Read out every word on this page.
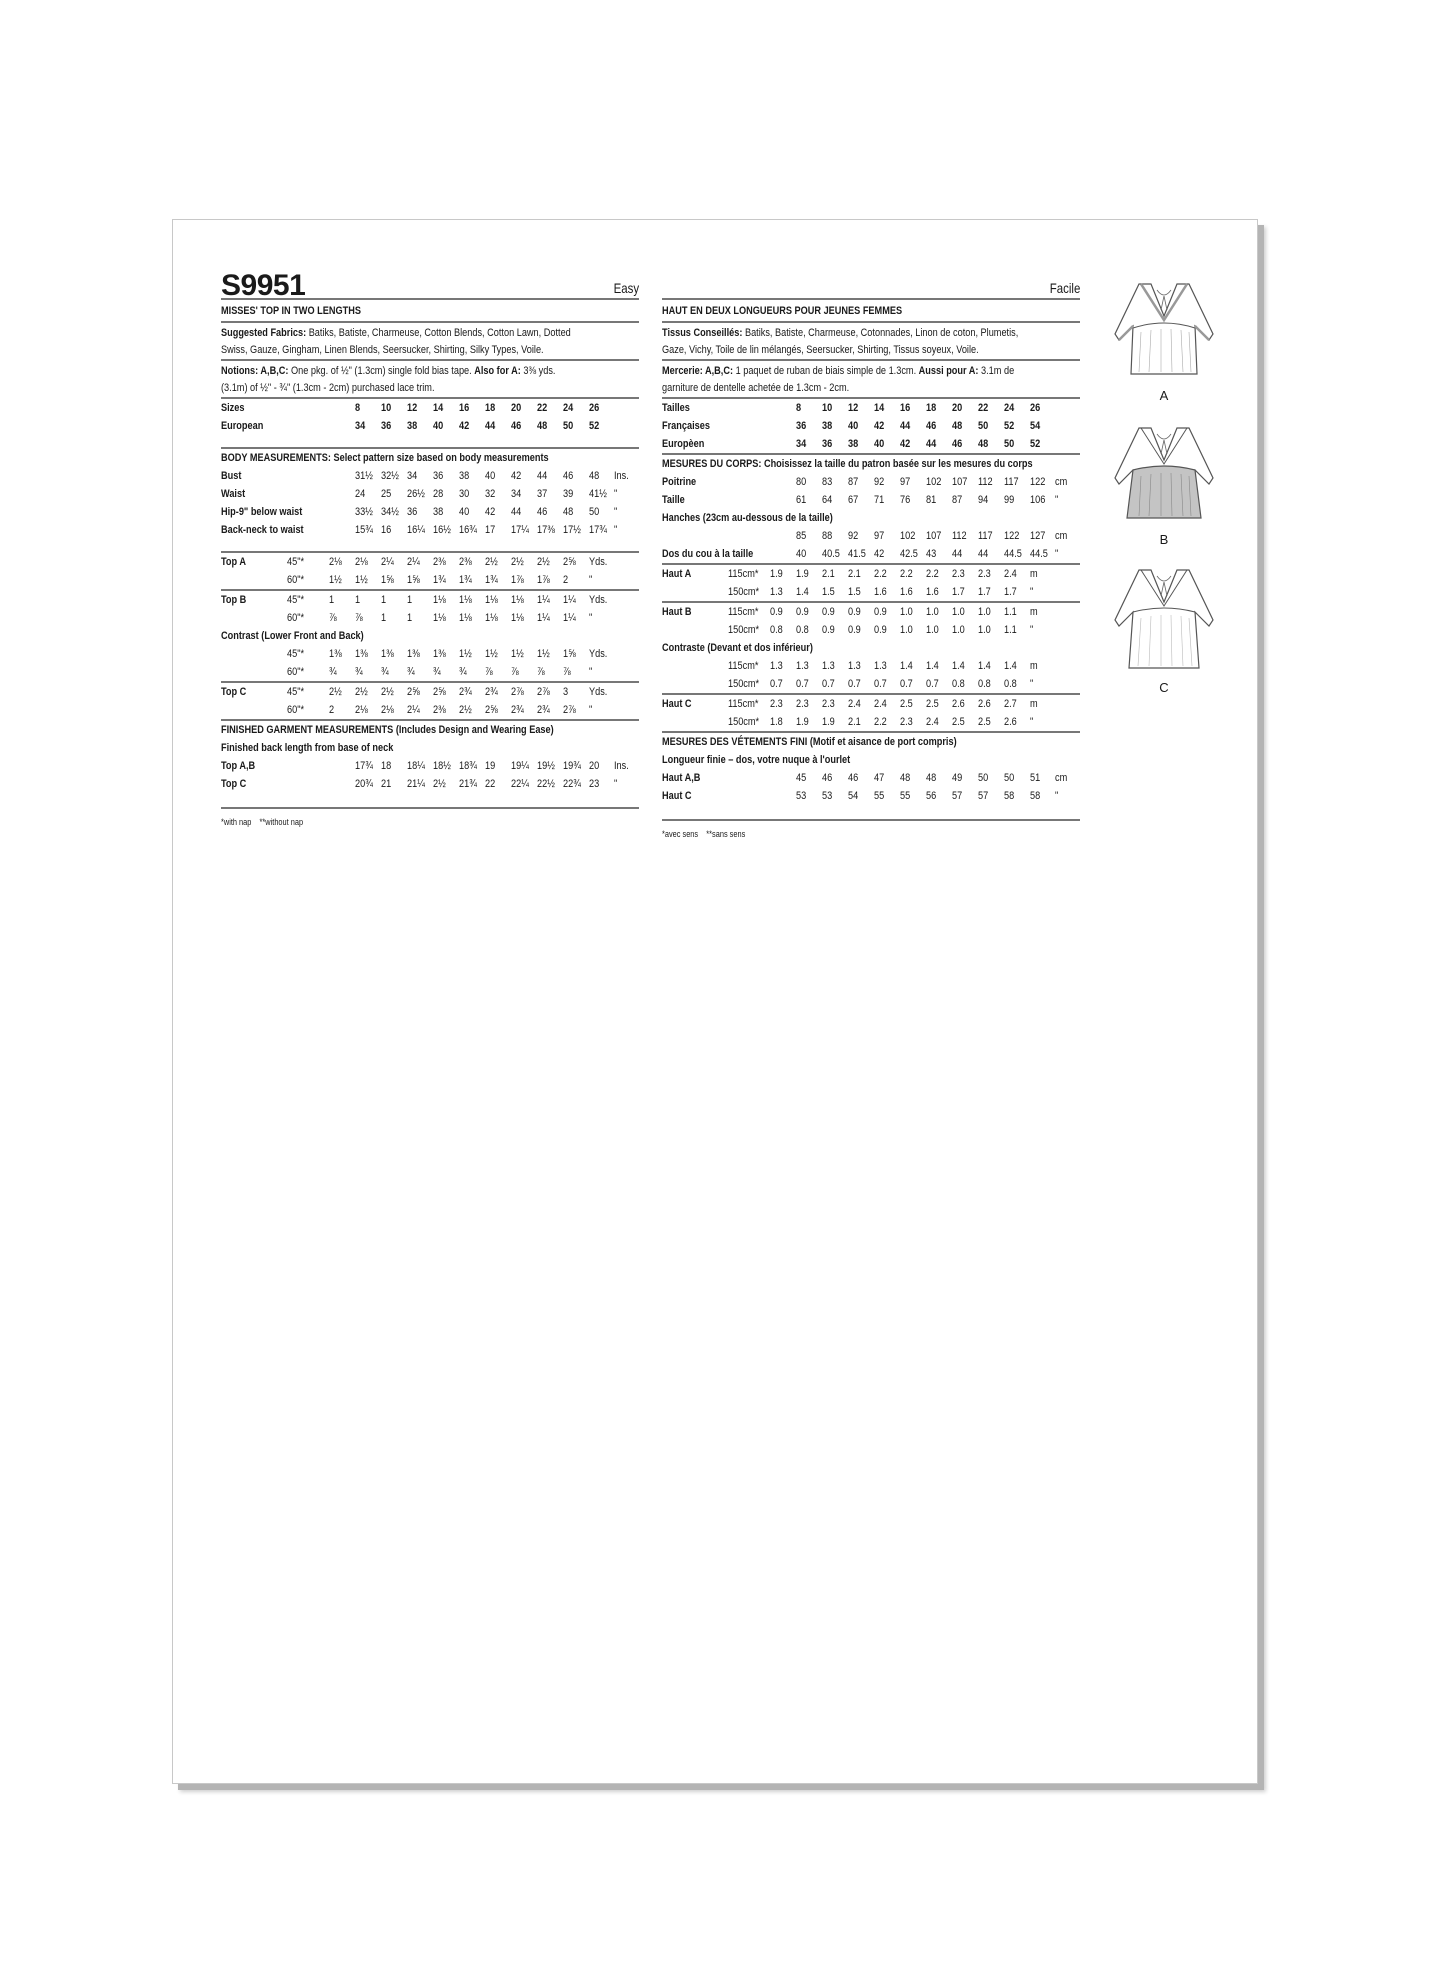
S9951	Easy
MISSES' TOP IN TWO LENGTHS
Suggested Fabrics: Batiks, Batiste, Charmeuse, Cotton Blends, Cotton Lawn, Dotted
Swiss, Gauze, Gingham, Linen Blends, Seersucker, Shirting, Silky Types, Voile.
Notions: A,B,C: One pkg. of ½" (1.3cm) single fold bias tape. Also for A: 3⅜ yds.
(3.1m) of ½" - ¾" (1.3cm - 2cm) purchased lace trim.
Sizes	8	10	12	14	16	18	20	22	24	26	
European	34	36	38	40	42	44	46	48	50	52	

BODY MEASUREMENTS: Select pattern size based on body measurements											
Bust	31½	32½	34	36	38	40	42	44	46	48	Ins.
Waist	24	25	26½	28	30	32	34	37	39	41½	"
Hip-9" below waist	33½	34½	36	38	40	42	44	46	48	50	"
Back-neck to waist	15¾	16	16¼	16½	16¾	17	17¼	17⅜	17½	17¾	"

Top A	45"*	2⅛	2⅛	2¼	2¼	2⅜	2⅜	2½	2½	2½	2⅝	Yds.
	60"*	1½	1½	1⅝	1⅝	1¾	1¾	1¾	1⅞	1⅞	2	"
Top B	45"*	1	1	1	1	1⅛	1⅛	1⅛	1⅛	1¼	1¼	Yds.
	60"*	⅞	⅞	1	1	1⅛	1⅛	1⅛	1⅛	1¼	1¼	"
Contrast (Lower Front and Back)												
	45"*	1⅜	1⅜	1⅜	1⅜	1⅜	1½	1½	1½	1½	1⅝	Yds.
	60"*	¾	¾	¾	¾	¾	¾	⅞	⅞	⅞	⅞	"
Top C	45"*	2½	2½	2½	2⅝	2⅝	2¾	2¾	2⅞	2⅞	3	Yds.
	60"*	2	2⅛	2⅛	2¼	2⅜	2½	2⅝	2¾	2¾	2⅞	"
FINISHED GARMENT MEASUREMENTS (Includes Design and Wearing Ease)											
Finished back length from base of neck											
Top A,B	17¾	18	18¼	18½	18¾	19	19¼	19½	19¾	20	Ins.
Top C	20¾	21	21¼	2½	21¾	22	22¼	22½	22¾	23	"
*with nap    **without nap
Facile
HAUT EN DEUX LONGUEURS POUR JEUNES FEMMES
Tissus Conseillés: Batiks, Batiste, Charmeuse, Cotonnades, Linon de coton, Plumetis,
Gaze, Vichy, Toile de lin mélangés, Seersucker, Shirting, Tissus soyeux, Voile.
Mercerie: A,B,C: 1 paquet de ruban de biais simple de 1.3cm. Aussi pour A: 3.1m de
garniture de dentelle achetée de 1.3cm - 2cm.
Tailles	8	10	12	14	16	18	20	22	24	26	
Françaises	36	38	40	42	44	46	48	50	52	54	
Europèen	34	36	38	40	42	44	46	48	50	52	
MESURES DU CORPS: Choisissez la taille du patron basée sur les mesures du corps											
Poitrine	80	83	87	92	97	102	107	112	117	122	cm
Taille	61	64	67	71	76	81	87	94	99	106	"
Hanches (23cm au-dessous de la taille)											
	85	88	92	97	102	107	112	117	122	127	cm
Dos du cou à la taille	40	40.5	41.5	42	42.5	43	44	44	44.5	44.5	"
Haut A	115cm*	1.9	1.9	2.1	2.1	2.2	2.2	2.2	2.3	2.3	2.4	m
	150cm*	1.3	1.4	1.5	1.5	1.6	1.6	1.6	1.7	1.7	1.7	"
Haut B	115cm*	0.9	0.9	0.9	0.9	0.9	1.0	1.0	1.0	1.0	1.1	m
	150cm*	0.8	0.8	0.9	0.9	0.9	1.0	1.0	1.0	1.0	1.1	"
Contraste (Devant et dos inférieur)												
	115cm*	1.3	1.3	1.3	1.3	1.3	1.4	1.4	1.4	1.4	1.4	m
	150cm*	0.7	0.7	0.7	0.7	0.7	0.7	0.7	0.8	0.8	0.8	"
Haut C	115cm*	2.3	2.3	2.3	2.4	2.4	2.5	2.5	2.6	2.6	2.7	m
	150cm*	1.8	1.9	1.9	2.1	2.2	2.3	2.4	2.5	2.5	2.6	"
MESURES DES VÉTEMENTS FINI (Motif et aisance de port compris)											
Longueur finie – dos, votre nuque à l'ourlet											
Haut A,B	45	46	46	47	48	48	49	50	50	51	cm
Haut C	53	53	54	55	55	56	57	57	58	58	"
*avec sens    **sans sens
A
B
C
